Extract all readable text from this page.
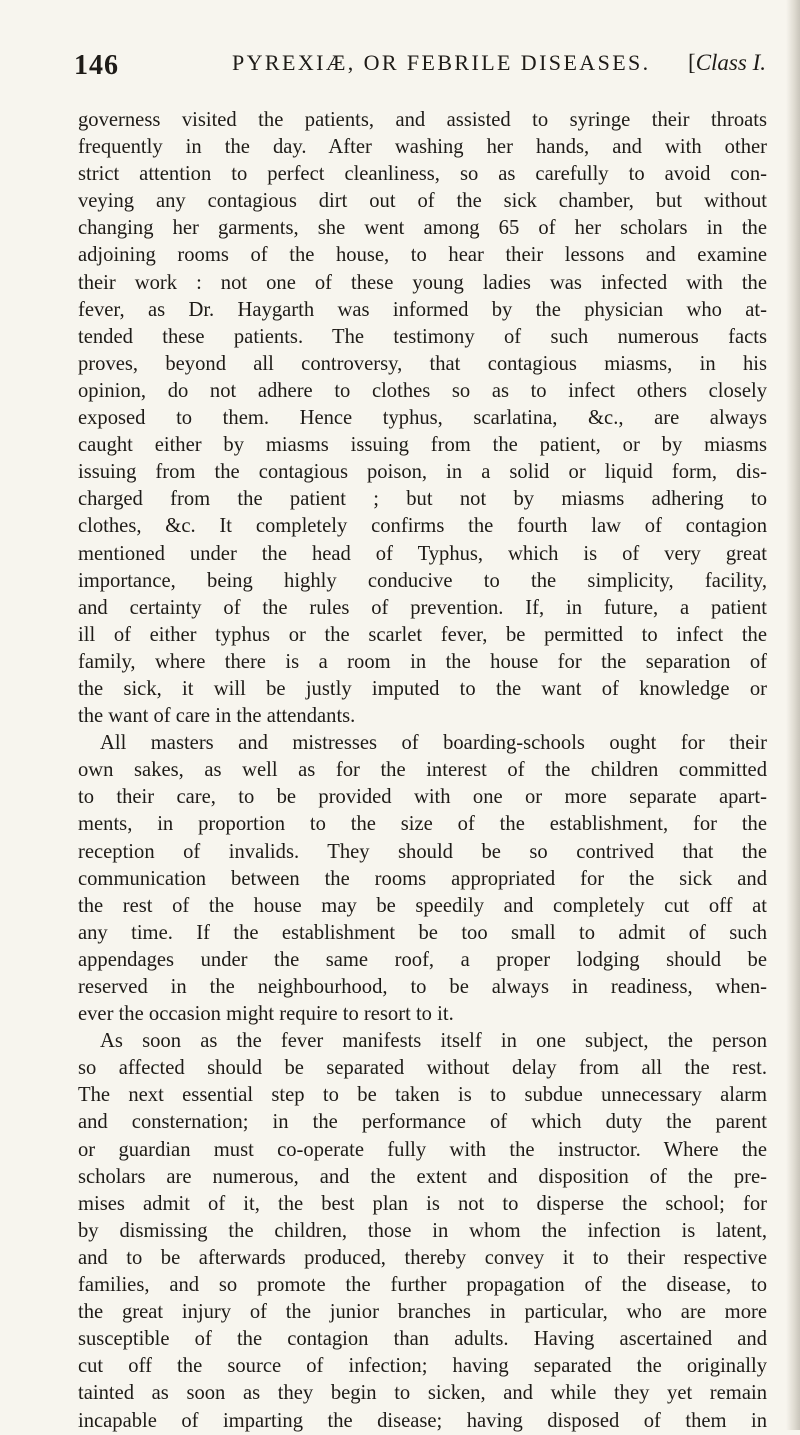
146	PYREXIÆ, OR FEBRILE DISEASES. [Class I.
governess visited the patients, and assisted to syringe their throats
frequently in the day. After washing her hands, and with other
strict attention to perfect cleanliness, so as carefully to avoid con-
veying any contagious dirt out of the sick chamber, but without
changing her garments, she went among 65 of her scholars in the
adjoining rooms of the house, to hear their lessons and examine
their work : not one of these young ladies was infected with the
fever, as Dr. Haygarth was informed by the physician who at-
tended these patients. The testimony of such numerous facts
proves, beyond all controversy, that contagious miasms, in his
opinion, do not adhere to clothes so as to infect others closely
exposed to them. Hence typhus, scarlatina, &c., are always
caught either by miasms issuing from the patient, or by miasms
issuing from the contagious poison, in a solid or liquid form, dis-
charged from the patient ; but not by miasms adhering to
clothes, &c. It completely confirms the fourth law of contagion
mentioned under the head of Typhus, which is of very great
importance, being highly conducive to the simplicity, facility,
and certainty of the rules of prevention. If, in future, a patient
ill of either typhus or the scarlet fever, be permitted to infect the
family, where there is a room in the house for the separation of
the sick, it will be justly imputed to the want of knowledge or
the want of care in the attendants.
All masters and mistresses of boarding-schools ought for their
own sakes, as well as for the interest of the children committed
to their care, to be provided with one or more separate apart-
ments, in proportion to the size of the establishment, for the
reception of invalids. They should be so contrived that the
communication between the rooms appropriated for the sick and
the rest of the house may be speedily and completely cut off at
any time. If the establishment be too small to admit of such
appendages under the same roof, a proper lodging should be
reserved in the neighbourhood, to be always in readiness, when-
ever the occasion might require to resort to it.
As soon as the fever manifests itself in one subject, the person
so affected should be separated without delay from all the rest.
The next essential step to be taken is to subdue unnecessary alarm
and consternation; in the performance of which duty the parent
or guardian must co-operate fully with the instructor. Where the
scholars are numerous, and the extent and disposition of the pre-
mises admit of it, the best plan is not to disperse the school; for
by dismissing the children, those in whom the infection is latent,
and to be afterwards produced, thereby convey it to their respective
families, and so promote the further propagation of the disease, to
the great injury of the junior branches in particular, who are more
susceptible of the contagion than adults. Having ascertained and
cut off the source of infection; having separated the originally
tainted as soon as they begin to sicken, and while they yet remain
incapable of imparting the disease; having disposed of them in
